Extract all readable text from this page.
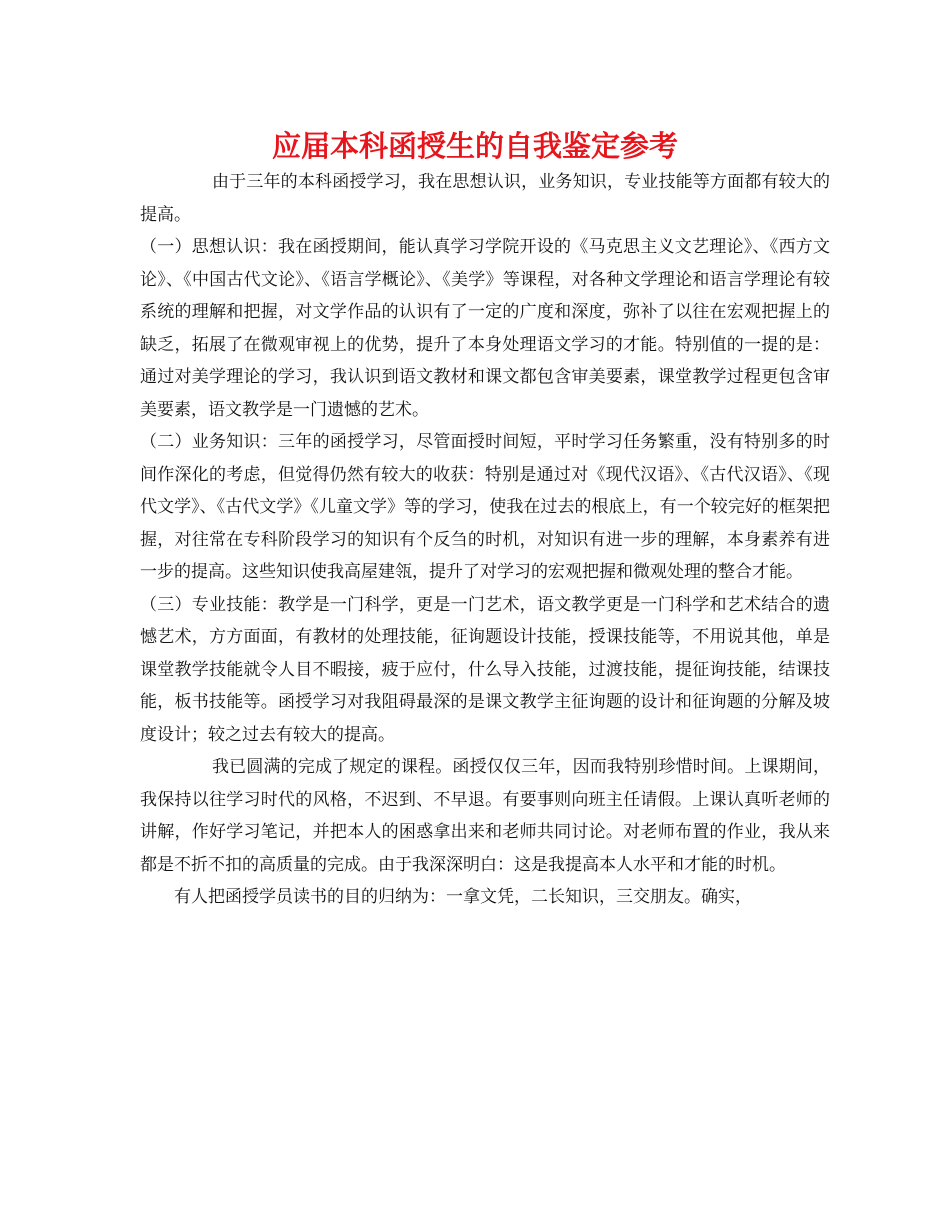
应届本科函授生的自我鉴定参考

由于三年的本科函授学习，我在思想认识，业务知识，专业技能等方面都有较大的提高。

（一）思想认识：我在函授期间，能认真学习学院开设的《马克思主义文艺理论》、《西方文论》、《中国古代文论》、《语言学概论》、《美学》等课程，对各种文学理论和语言学理论有较系统的理解和把握，对文学作品的认识有了一定的广度和深度，弥补了以往在宏观把握上的缺乏，拓展了在微观审视上的优势，提升了本身处理语文学习的才能。特别值的一提的是：通过对美学理论的学习，我认识到语文教材和课文都包含审美要素，课堂教学过程更包含审美要素，语文教学是一门遗憾的艺术。

（二）业务知识：三年的函授学习，尽管面授时间短，平时学习任务繁重，没有特别多的时间作深化的考虑，但觉得仍然有较大的收获：特别是通过对《现代汉语》、《古代汉语》、《现代文学》、《古代文学》《儿童文学》等的学习，使我在过去的根底上，有一个较完好的框架把握，对往常在专科阶段学习的知识有个反刍的时机，对知识有进一步的理解，本身素养有进一步的提高。这些知识使我高屋建瓴，提升了对学习的宏观把握和微观处理的整合才能。

（三）专业技能：教学是一门科学，更是一门艺术，语文教学更是一门科学和艺术结合的遗憾艺术，方方面面，有教材的处理技能，征询题设计技能，授课技能等，不用说其他，单是课堂教学技能就令人目不暇接，疲于应付，什么导入技能，过渡技能，提征询技能，结课技能，板书技能等。函授学习对我阻碍最深的是课文教学主征询题的设计和征询题的分解及坡度设计；较之过去有较大的提高。

我已圆满的完成了规定的课程。函授仅仅三年，因而我特别珍惜时间。上课期间，我保持以往学习时代的风格，不迟到、不早退。有要事则向班主任请假。上课认真听老师的讲解，作好学习笔记，并把本人的困惑拿出来和老师共同讨论。对老师布置的作业，我从来都是不折不扣的高质量的完成。由于我深深明白：这是我提高本人水平和才能的时机。

有人把函授学员读书的目的归纳为：一拿文凭，二长知识，三交朋友。确实，
